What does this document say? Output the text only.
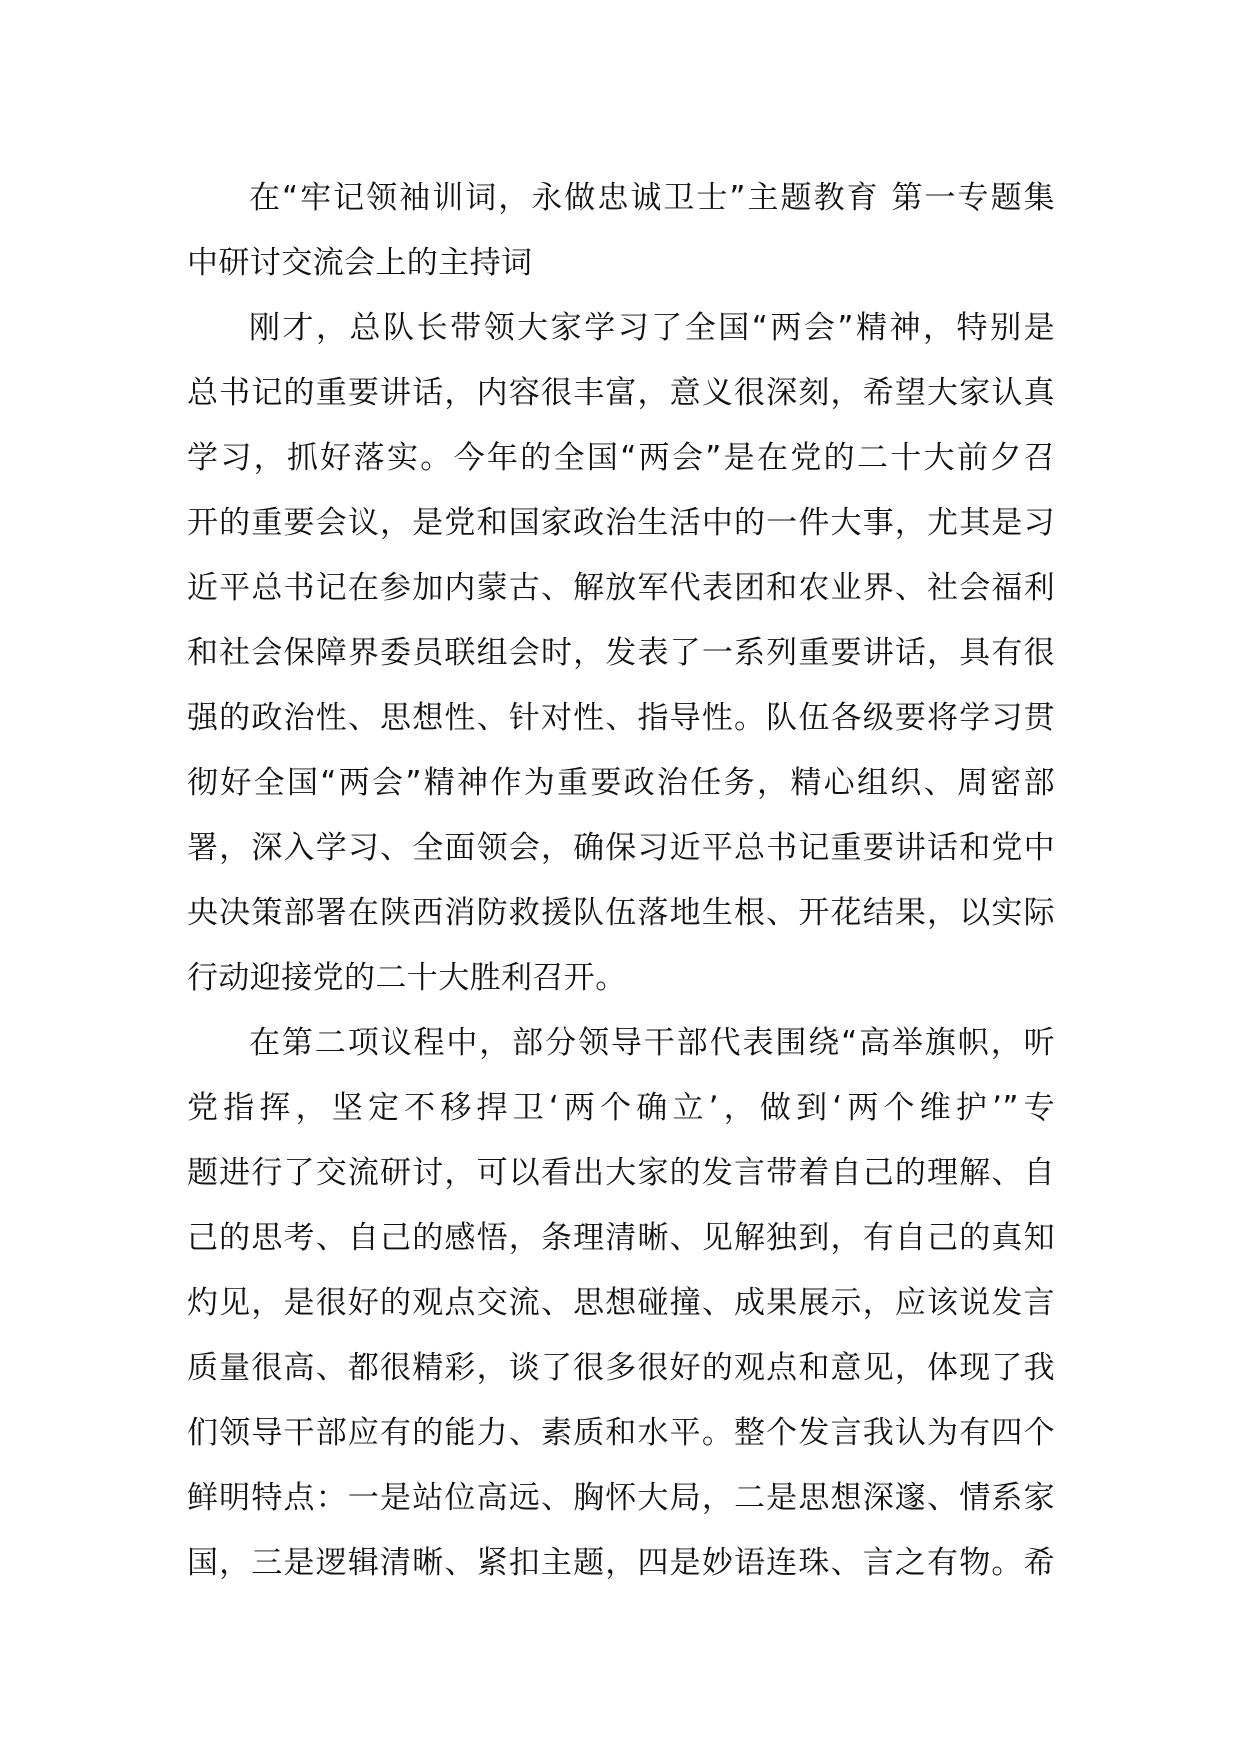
在“牢记领袖训词，永做忠诚卫士”主题教育 第一专题集
中研讨交流会上的主持词
刚才，总队长带领大家学习了全国“两会”精神，特别是
总书记的重要讲话，内容很丰富，意义很深刻，希望大家认真
学习，抓好落实。今年的全国“两会”是在党的二十大前夕召
开的重要会议，是党和国家政治生活中的一件大事，尤其是习
近平总书记在参加内蒙古、解放军代表团和农业界、社会福利
和社会保障界委员联组会时，发表了一系列重要讲话，具有很
强的政治性、思想性、针对性、指导性。队伍各级要将学习贯
彻好全国“两会”精神作为重要政治任务，精心组织、周密部
署，深入学习、全面领会，确保习近平总书记重要讲话和党中
央决策部署在陕西消防救援队伍落地生根、开花结果，以实际
行动迎接党的二十大胜利召开。
在第二项议程中，部分领导干部代表围绕“高举旗帜，听
党指挥，坚定不移捍卫‘两个确立’，做到‘两个维护’”专
题进行了交流研讨，可以看出大家的发言带着自己的理解、自
己的思考、自己的感悟，条理清晰、见解独到，有自己的真知
灼见，是很好的观点交流、思想碰撞、成果展示，应该说发言
质量很高、都很精彩，谈了很多很好的观点和意见，体现了我
们领导干部应有的能力、素质和水平。整个发言我认为有四个
鲜明特点：一是站位高远、胸怀大局，二是思想深邃、情系家
国，三是逻辑清晰、紧扣主题，四是妙语连珠、言之有物。希
